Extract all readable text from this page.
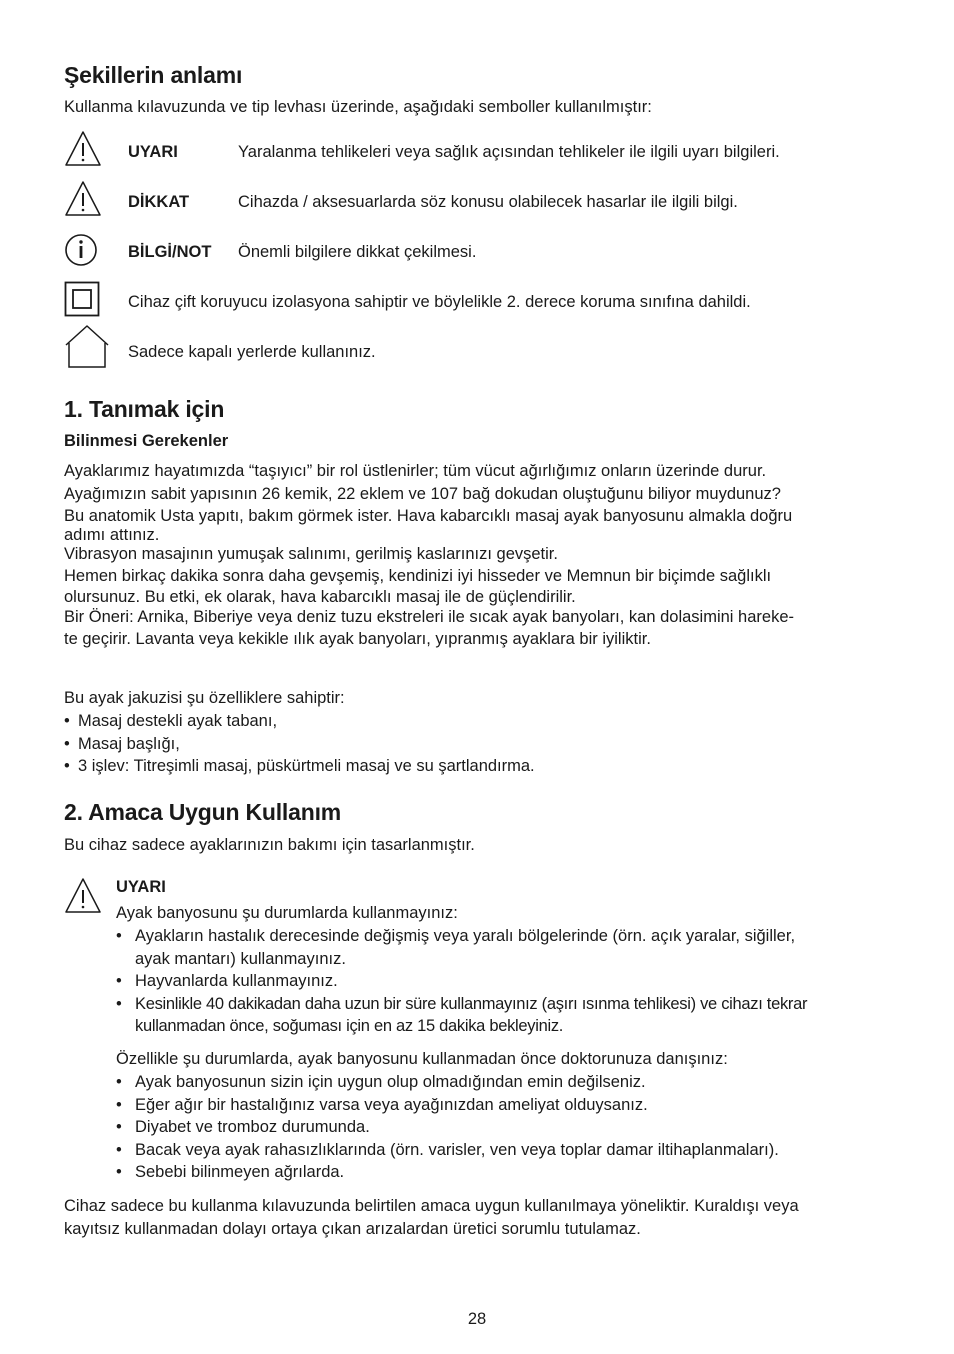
Şekillerin anlamı

Kullanma kılavuzunda ve tip levhası üzerinde, aşağıdaki semboller kullanılmıştır:

UYARI	Yaralanma tehlikeleri veya sağlık açısından tehlikeler ile ilgili uyarı bilgileri.
DİKKAT	Cihazda / aksesuarlarda söz konusu olabilecek hasarlar ile ilgili bilgi.
BİLGİ/NOT Önemli bilgilere dikkat çekilmesi.
Cihaz çift koruyucu izolasyona sahiptir ve böylelikle 2. derece koruma sınıfına dahildi.
Sadece kapalı yerlerde kullanınız.
1. Tanımak için
Bilinmesi Gerekenler
Ayaklarımız hayatımızda “taşıyıcı” bir rol üstlenirler; tüm vücut ağırlığımız onların üzerinde durur.
Ayağımızın sabit yapısının 26 kemik, 22 eklem ve 107 bağ dokudan oluştuğunu biliyor muydunuz?
Bu anatomik Usta yapıtı, bakım görmek ister. Hava kabarcıklı masaj ayak banyosunu almakla doğru
adımı attınız.
Vibrasyon masajının yumuşak salınımı, gerilmiş kaslarınızı gevşetir.
Hemen birkaç dakika sonra daha gevşemiş, kendinizi iyi hisseder ve Memnun bir biçimde sağlıklı
olursunuz. Bu etki, ek olarak, hava kabarcıklı masaj ile de güçlendirilir.
Bir Öneri: Arnika, Biberiye veya deniz tuzu ekstreleri ile sıcak ayak banyoları, kan dolasimini hareke-
te geçirir. Lavanta veya kekikle ılık ayak banyoları, yıpranmış ayaklara bir iyiliktir.
Bu ayak jakuzisi şu özelliklere sahiptir:
• Masaj destekli ayak tabanı,
• Masaj başlığı,
• 3 işlev: Titreşimli masaj, püskürtmeli masaj ve su şartlandırma.
2. Amaca Uygun Kullanım
Bu cihaz sadece ayaklarınızın bakımı için tasarlanmıştır.
UYARI
Ayak banyosunu şu durumlarda kullanmayınız:
• Ayakların hastalık derecesinde değişmiş veya yaralı bölgelerinde (örn. açık yaralar, siğiller,
ayak mantarı) kullanmayınız.
• Hayvanlarda kullanmayınız.
• Kesinlikle 40 dakikadan daha uzun bir süre kullanmayınız (aşırı ısınma tehlikesi) ve cihazı tekrar
kullanmadan önce, soğuması için en az 15 dakika bekleyiniz.
Özellikle şu durumlarda, ayak banyosunu kullanmadan önce doktorunuza danışınız:
• Ayak banyosunun sizin için uygun olup olmadığından emin değilseniz.
• Eğer ağır bir hastalığınız varsa veya ayağınızdan ameliyat olduysanız.
• Diyabet ve tromboz durumunda.
• Bacak veya ayak rahasızlıklarında (örn. varisler, ven veya toplar damar iltihaplanmaları).
• Sebebi bilinmeyen ağrılarda.
Cihaz sadece bu kullanma kılavuzunda belirtilen amaca uygun kullanılmaya yöneliktir. Kuraldışı veya
kayıtsız kullanmadan dolayı ortaya çıkan arızalardan üretici sorumlu tutulamaz.
28
